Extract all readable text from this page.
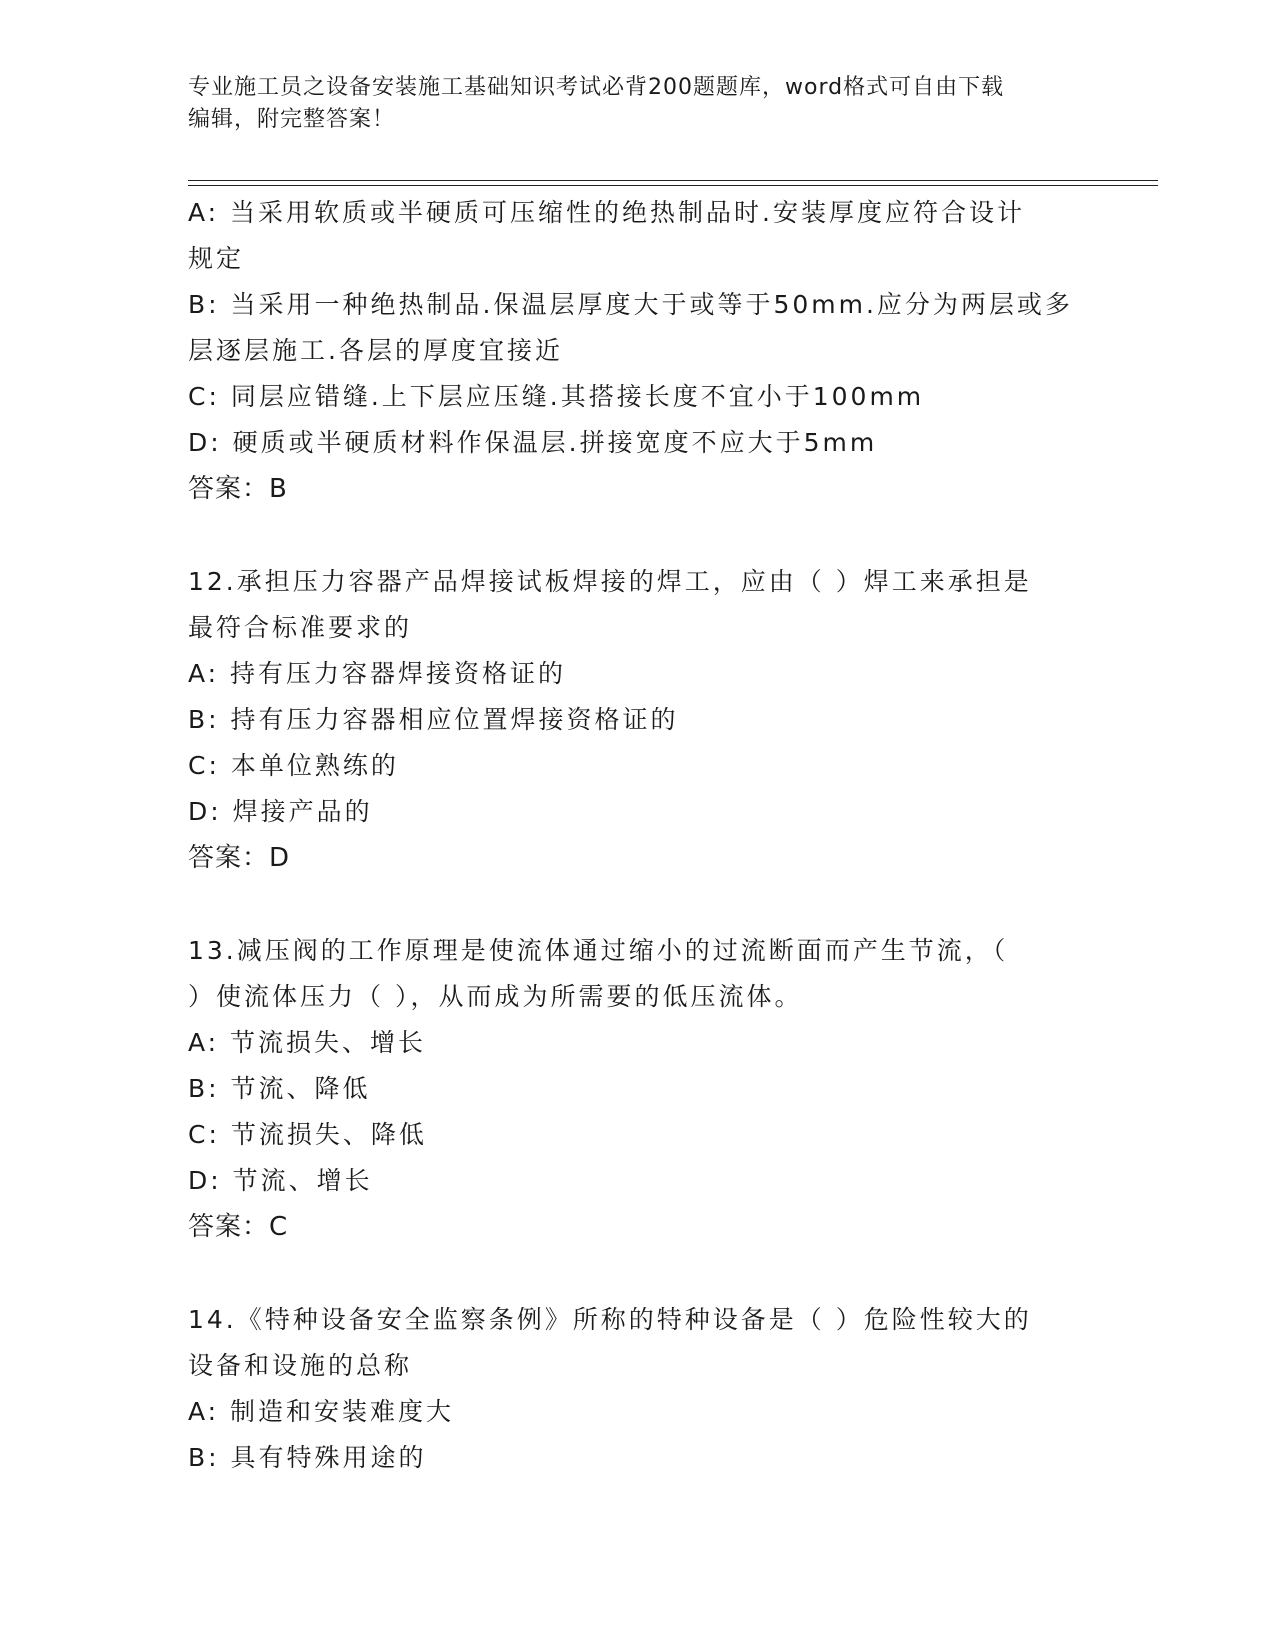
专业施工员之设备安装施工基础知识考试必背200题题库，word格式可自由下载
编辑，附完整答案！
A: 当采用软质或半硬质可压缩性的绝热制品时.安装厚度应符合设计
规定
B: 当采用一种绝热制品.保温层厚度大于或等于50mm.应分为两层或多
层逐层施工.各层的厚度宜接近
C: 同层应错缝.上下层应压缝.其搭接长度不宜小于100mm
D: 硬质或半硬质材料作保温层.拼接宽度不应大于5mm
答案：B
12.承担压力容器产品焊接试板焊接的焊工，应由（ ）焊工来承担是
最符合标准要求的
A: 持有压力容器焊接资格证的
B: 持有压力容器相应位置焊接资格证的
C: 本单位熟练的
D: 焊接产品的
答案：D
13.减压阀的工作原理是使流体通过缩小的过流断面而产生节流，（
）使流体压力（ ），从而成为所需要的低压流体。
A: 节流损失、增长
B: 节流、降低
C: 节流损失、降低
D: 节流、增长
答案：C
14.《特种设备安全监察条例》所称的特种设备是（ ）危险性较大的
设备和设施的总称
A: 制造和安装难度大
B: 具有特殊用途的
